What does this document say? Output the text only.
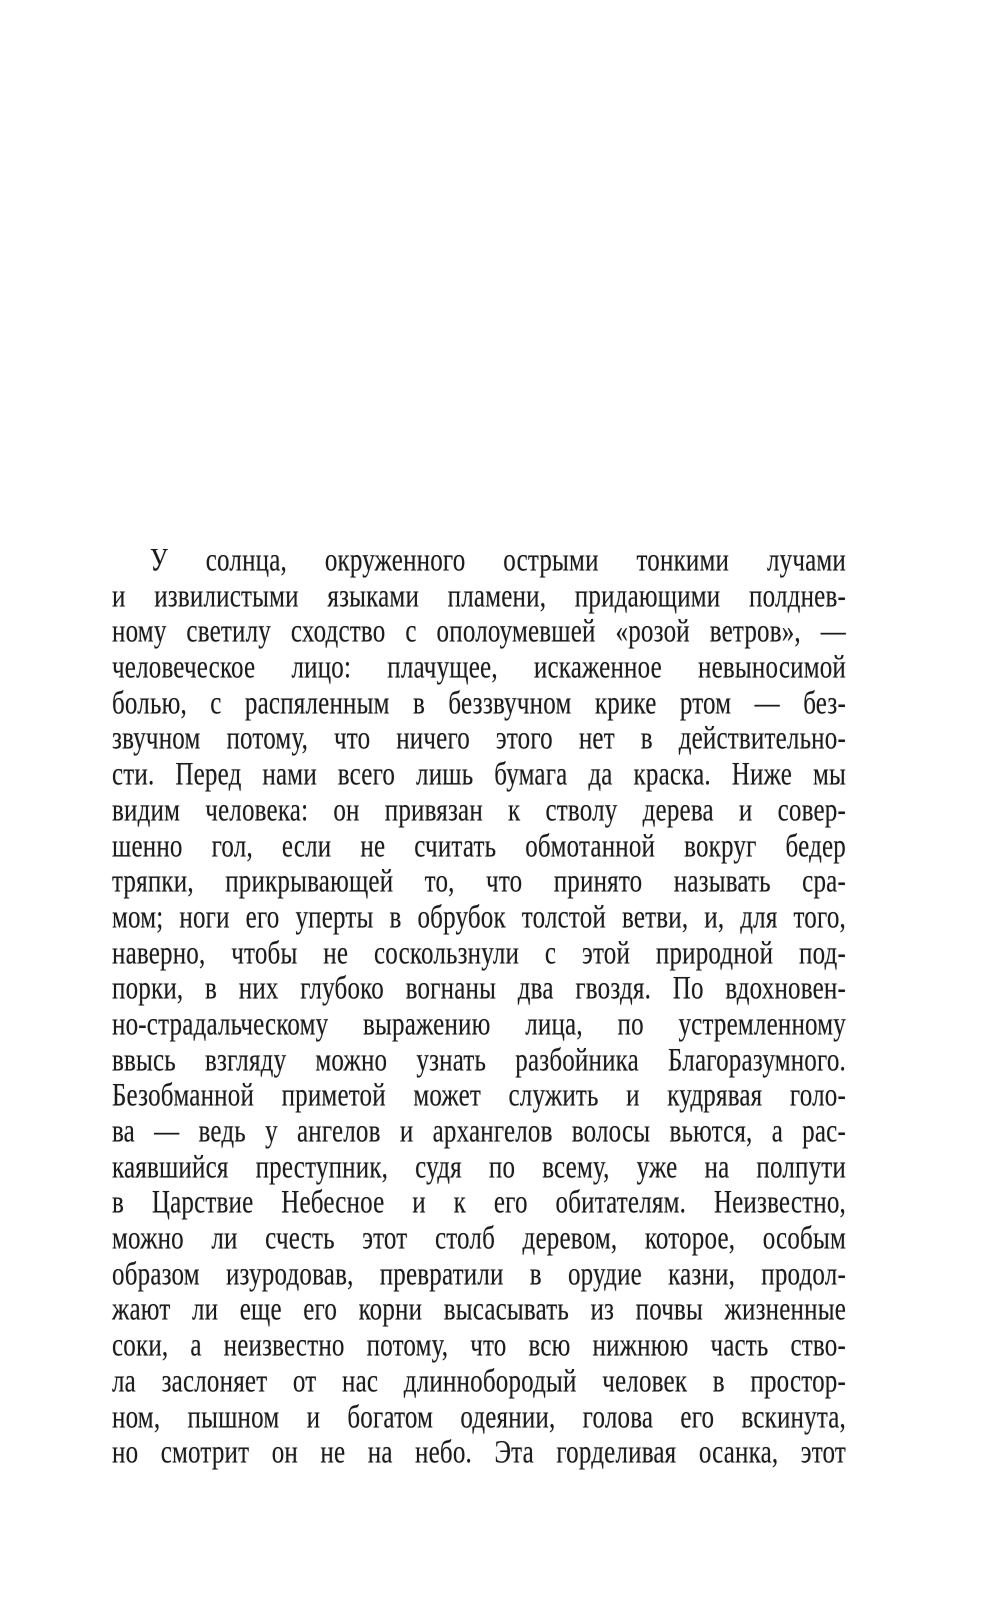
У солнца, окруженного острыми тонкими лучами
и извилистыми языками пламени, придающими полднев-
ному светилу сходство с ополоумевшей «розой ветров», —
человеческое лицо: плачущее, искаженное невыносимой
болью, с распяленным в беззвучном крике ртом — без-
звучном потому, что ничего этого нет в действительно-
сти. Перед нами всего лишь бумага да краска. Ниже мы
видим человека: он привязан к стволу дерева и совер-
шенно гол, если не считать обмотанной вокруг бедер
тряпки, прикрывающей то, что принято называть сра-
мом; ноги его уперты в обрубок толстой ветви, и, для того,
наверно, чтобы не соскользнули с этой природной под-
порки, в них глубоко вогнаны два гвоздя. По вдохновен-
но-страдальческому выражению лица, по устремленному
ввысь взгляду можно узнать разбойника Благоразумного.
Безобманной приметой может служить и кудрявая голо-
ва — ведь у ангелов и архангелов волосы вьются, а рас-
каявшийся преступник, судя по всему, уже на полпути
в Царствие Небесное и к его обитателям. Неизвестно,
можно ли счесть этот столб деревом, которое, особым
образом изуродовав, превратили в орудие казни, продол-
жают ли еще его корни высасывать из почвы жизненные
соки, а неизвестно потому, что всю нижнюю часть ство-
ла заслоняет от нас длиннобородый человек в простор-
ном, пышном и богатом одеянии, голова его вскинута,
но смотрит он не на небо. Эта горделивая осанка, этот
